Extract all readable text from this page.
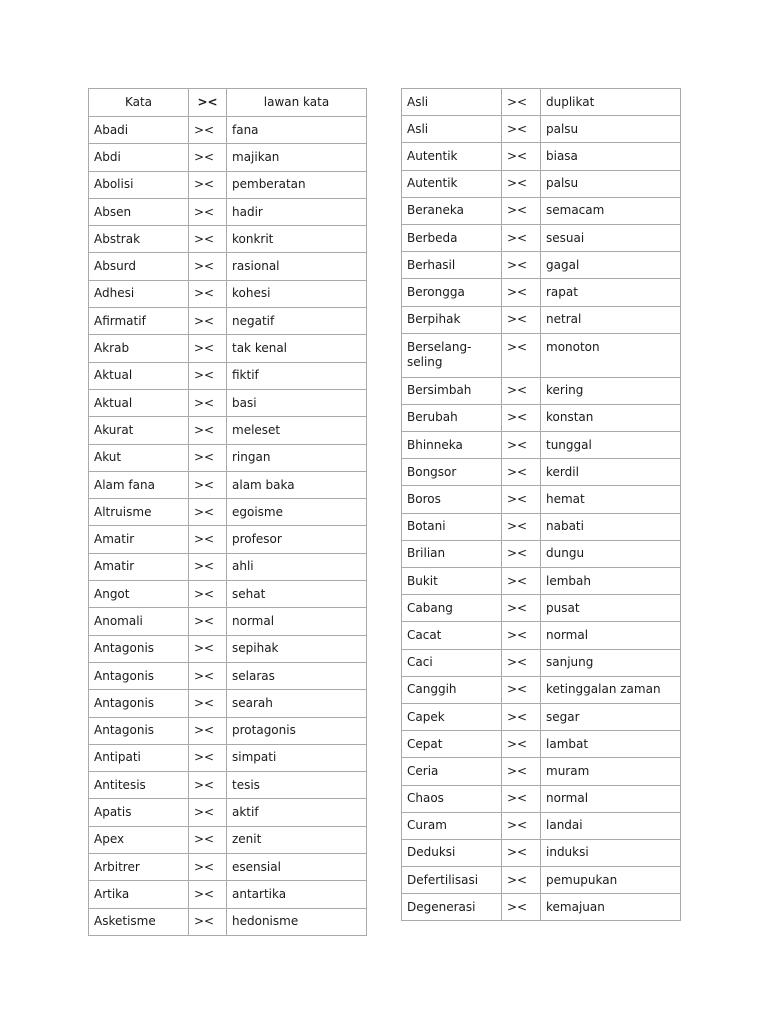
Kata	><	lawan kata
Abadi	><	fana
Abdi	><	majikan
Abolisi	><	pemberatan
Absen	><	hadir
Abstrak	><	konkrit
Absurd	><	rasional
Adhesi	><	kohesi
Afirmatif	><	negatif
Akrab	><	tak kenal
Aktual	><	fiktif
Aktual	><	basi
Akurat	><	meleset
Akut	><	ringan
Alam fana	><	alam baka
Altruisme	><	egoisme
Amatir	><	profesor
Amatir	><	ahli
Angot	><	sehat
Anomali	><	normal
Antagonis	><	sepihak
Antagonis	><	selaras
Antagonis	><	searah
Antagonis	><	protagonis
Antipati	><	simpati
Antitesis	><	tesis
Apatis	><	aktif
Apex	><	zenit
Arbitrer	><	esensial
Artika	><	antartika
Asketisme	><	hedonisme
Asli	><	duplikat
Asli	><	palsu
Autentik	><	biasa
Autentik	><	palsu
Beraneka	><	semacam
Berbeda	><	sesuai
Berhasil	><	gagal
Berongga	><	rapat
Berpihak	><	netral
Berselang-seling	><	monoton
Bersimbah	><	kering
Berubah	><	konstan
Bhinneka	><	tunggal
Bongsor	><	kerdil
Boros	><	hemat
Botani	><	nabati
Brilian	><	dungu
Bukit	><	lembah
Cabang	><	pusat
Cacat	><	normal
Caci	><	sanjung
Canggih	><	ketinggalan zaman
Capek	><	segar
Cepat	><	lambat
Ceria	><	muram
Chaos	><	normal
Curam	><	landai
Deduksi	><	induksi
Defertilisasi	><	pemupukan
Degenerasi	><	kemajuan
